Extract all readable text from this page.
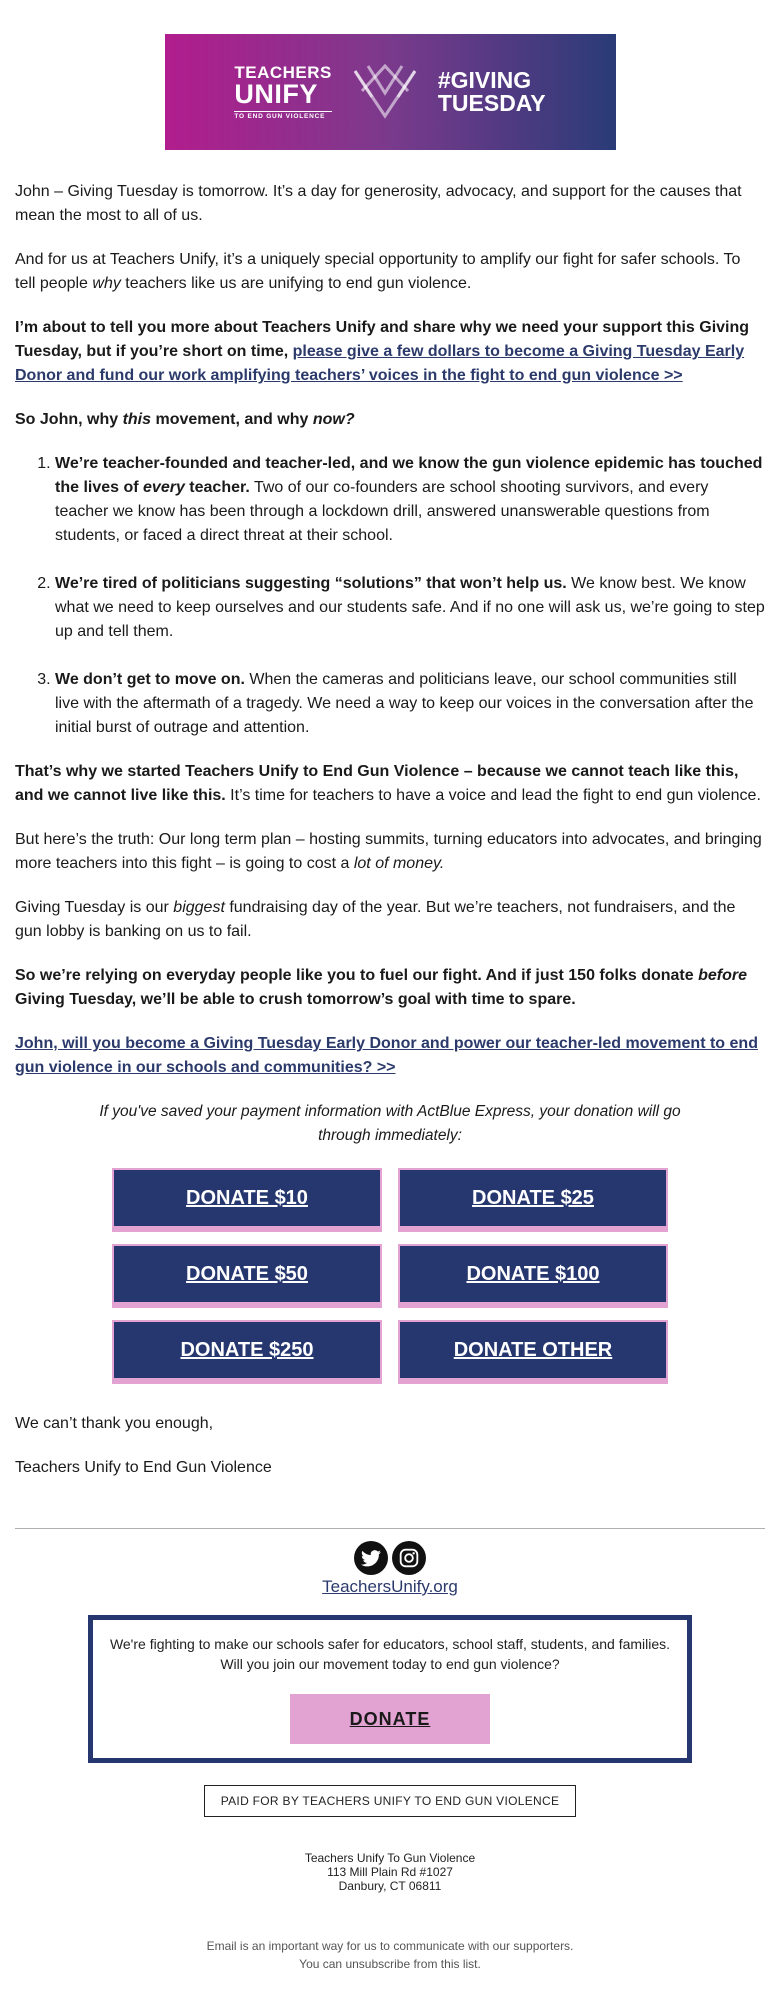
TEACHERS
UNIFY
TO END GUN VIOLENCE
#GIVING
TUESDAY

John – Giving Tuesday is tomorrow. It’s a day for generosity, advocacy, and support for the causes that mean the most to all of us.

And for us at Teachers Unify, it’s a uniquely special opportunity to amplify our fight for safer schools. To tell people why teachers like us are unifying to end gun violence.

I’m about to tell you more about Teachers Unify and share why we need your support this Giving Tuesday, but if you’re short on time, please give a few dollars to become a Giving Tuesday Early Donor and fund our work amplifying teachers’ voices in the fight to end gun violence >>

So John, why this movement, and why now?

1. We’re teacher-founded and teacher-led, and we know the gun violence epidemic has touched the lives of every teacher. Two of our co-founders are school shooting survivors, and every teacher we know has been through a lockdown drill, answered unanswerable questions from students, or faced a direct threat at their school.
2. We’re tired of politicians suggesting “solutions” that won’t help us. We know best. We know what we need to keep ourselves and our students safe. And if no one will ask us, we’re going to step up and tell them.
3. We don’t get to move on. When the cameras and politicians leave, our school communities still live with the aftermath of a tragedy. We need a way to keep our voices in the conversation after the initial burst of outrage and attention.

That’s why we started Teachers Unify to End Gun Violence – because we cannot teach like this, and we cannot live like this. It’s time for teachers to have a voice and lead the fight to end gun violence.

But here’s the truth: Our long term plan – hosting summits, turning educators into advocates, and bringing more teachers into this fight – is going to cost a lot of money.

Giving Tuesday is our biggest fundraising day of the year. But we’re teachers, not fundraisers, and the gun lobby is banking on us to fail.

So we’re relying on everyday people like you to fuel our fight. And if just 150 folks donate before Giving Tuesday, we’ll be able to crush tomorrow’s goal with time to spare.

John, will you become a Giving Tuesday Early Donor and power our teacher-led movement to end gun violence in our schools and communities? >>

If you've saved your payment information with ActBlue Express, your donation will go through immediately:

DONATE $10	DONATE $25
DONATE $50	DONATE $100
DONATE $250	DONATE OTHER

We can’t thank you enough,

Teachers Unify to End Gun Violence

TeachersUnify.org
We're fighting to make our schools safer for educators, school staff, students, and families. Will you join our movement today to end gun violence?
DONATE
PAID FOR BY TEACHERS UNIFY TO END GUN VIOLENCE
Teachers Unify To Gun Violence
113 Mill Plain Rd #1027
Danbury, CT 06811
Email is an important way for us to communicate with our supporters.
You can unsubscribe from this list.
